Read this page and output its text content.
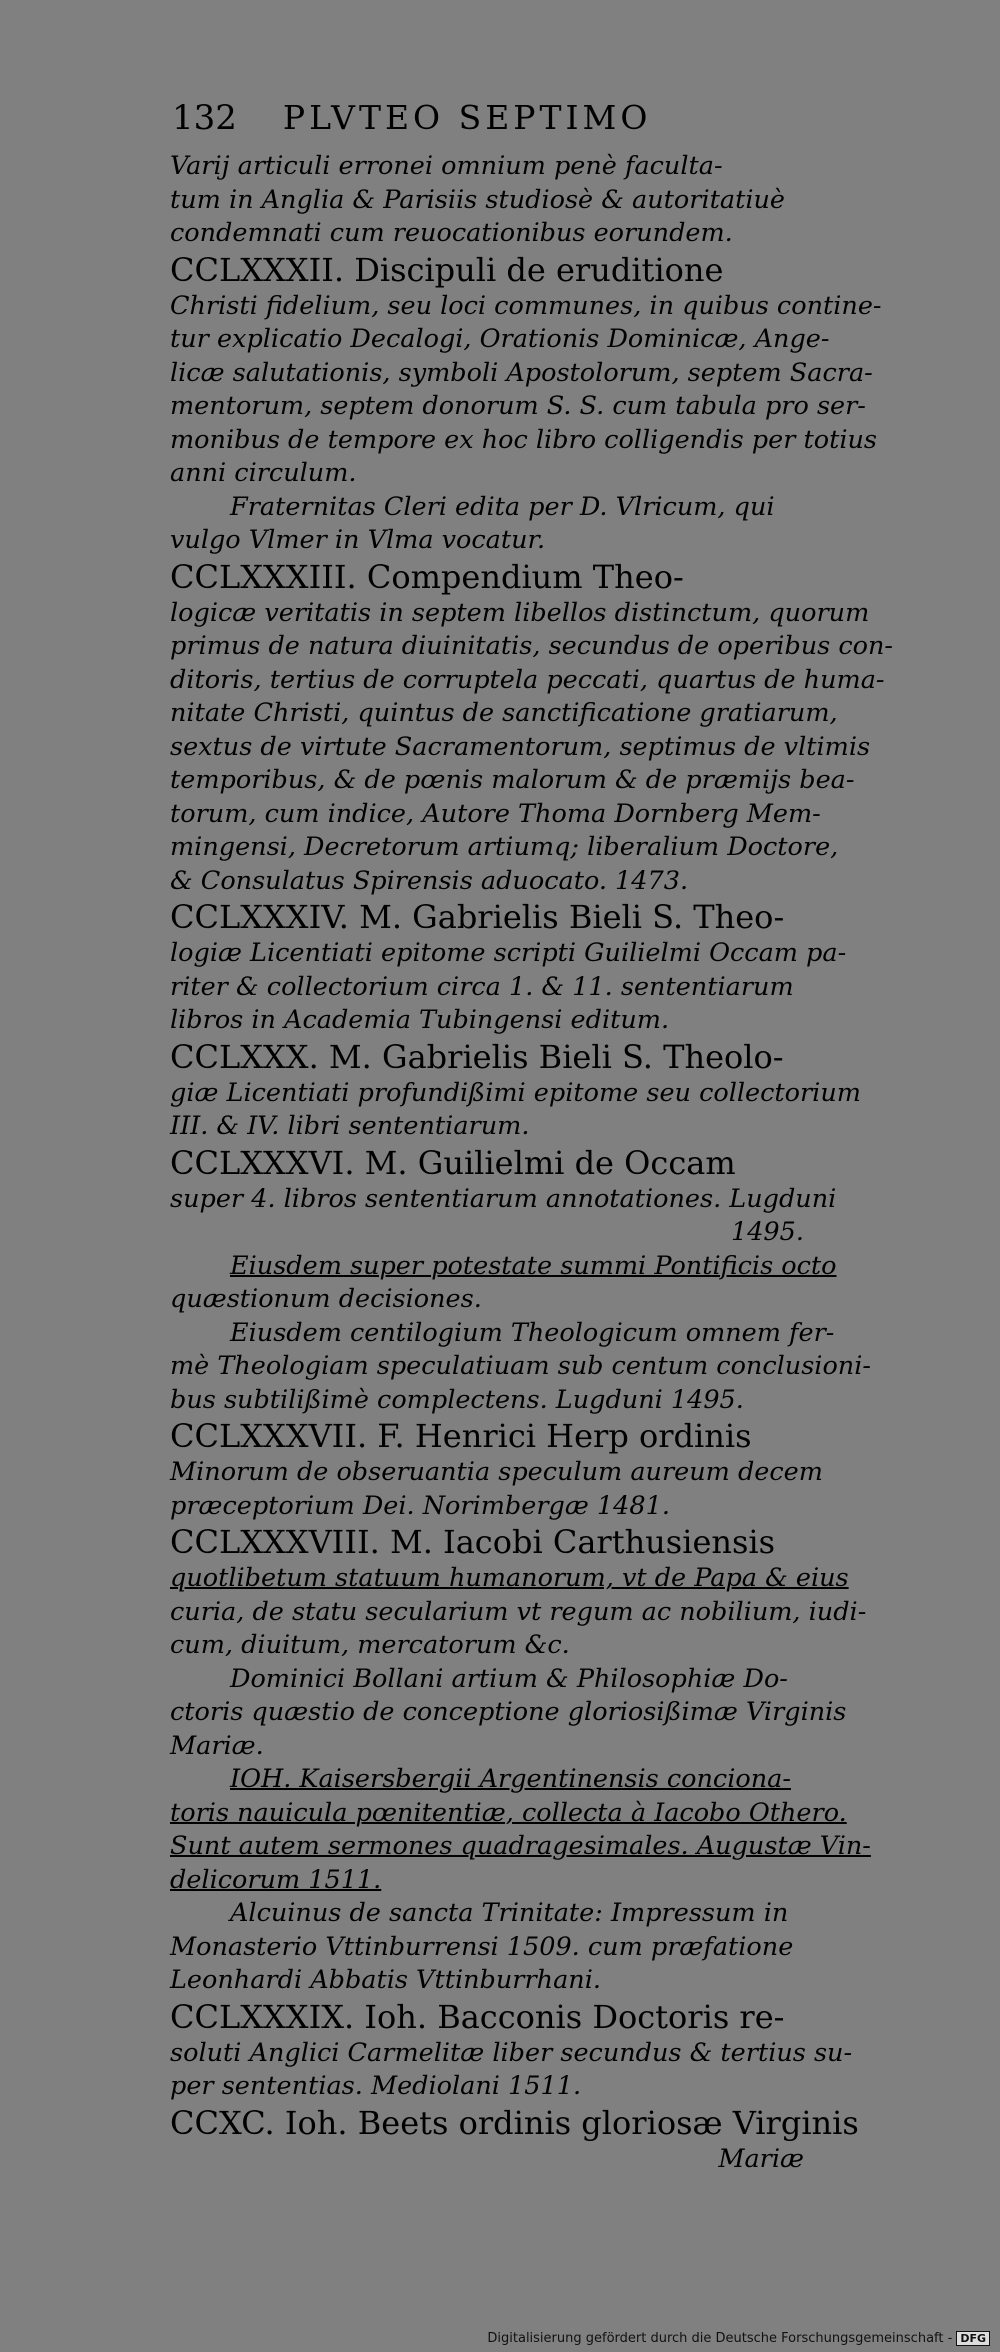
132 PLVTEO SEPTIMO
Varij articuli erronei omnium penè faculta-
tum in Anglia & Parisiis studiosè & autoritatiuè
condemnati cum reuocationibus eorundem.
CCLXXXII. Discipuli de eruditione
Christi fidelium, seu loci communes, in quibus contine-
tur explicatio Decalogi, Orationis Dominicæ, Ange-
licæ salutationis, symboli Apostolorum, septem Sacra-
mentorum, septem donorum S. S. cum tabula pro ser-
monibus de tempore ex hoc libro colligendis per totius
anni circulum.
Fraternitas Cleri edita per D. Vlricum, qui
vulgo Vlmer in Vlma vocatur.
CCLXXXIII. Compendium Theo-
logicæ veritatis in septem libellos distinctum, quorum
primus de natura diuinitatis, secundus de operibus con-
ditoris, tertius de corruptela peccati, quartus de huma-
nitate Christi, quintus de sanctificatione gratiarum,
sextus de virtute Sacramentorum, septimus de vltimis
temporibus, & de pœnis malorum & de præmijs bea-
torum, cum indice, Autore Thoma Dornberg Mem-
mingensi, Decretorum artiumq; liberalium Doctore,
& Consulatus Spirensis aduocato. 1473.
CCLXXXIV. M. Gabrielis Bieli S. Theo-
logiæ Licentiati epitome scripti Guilielmi Occam pa-
riter & collectorium circa 1. & 11. sententiarum
libros in Academia Tubingensi editum.
CCLXXX. M. Gabrielis Bieli S. Theolo-
giæ Licentiati profundißimi epitome seu collectorium
III. & IV. libri sententiarum.
CCLXXXVI. M. Guilielmi de Occam
super 4. libros sententiarum annotationes. Lugduni
1495.
Eiusdem super potestate summi Pontificis octo
quæstionum decisiones.
Eiusdem centilogium Theologicum omnem fer-
mè Theologiam speculatiuam sub centum conclusioni-
bus subtilißimè complectens. Lugduni 1495.
CCLXXXVII. F. Henrici Herp ordinis
Minorum de obseruantia speculum aureum decem
præceptorium Dei. Norimbergæ 1481.
CCLXXXVIII. M. Iacobi Carthusiensis
quotlibetum statuum humanorum, vt de Papa & eius
curia, de statu secularium vt regum ac nobilium, iudi-
cum, diuitum, mercatorum &c.
Dominici Bollani artium & Philosophiæ Do-
ctoris quæstio de conceptione gloriosißimæ Virginis
Mariæ.
IOH. Kaisersbergii Argentinensis conciona-
toris nauicula pœnitentiæ, collecta à Iacobo Othero.
Sunt autem sermones quadragesimales. Augustæ Vin-
delicorum 1511.
Alcuinus de sancta Trinitate: Impressum in
Monasterio Vttinburrensi 1509. cum præfatione
Leonhardi Abbatis Vttinburrhani.
CCLXXXIX. Ioh. Bacconis Doctoris re-
soluti Anglici Carmelitæ liber secundus & tertius su-
per sententias. Mediolani 1511.
CCXC. Ioh. Beets ordinis gloriosæ Virginis
Mariæ
Digitalisierung gefördert durch die Deutsche Forschungsgemeinschaft - DFG
